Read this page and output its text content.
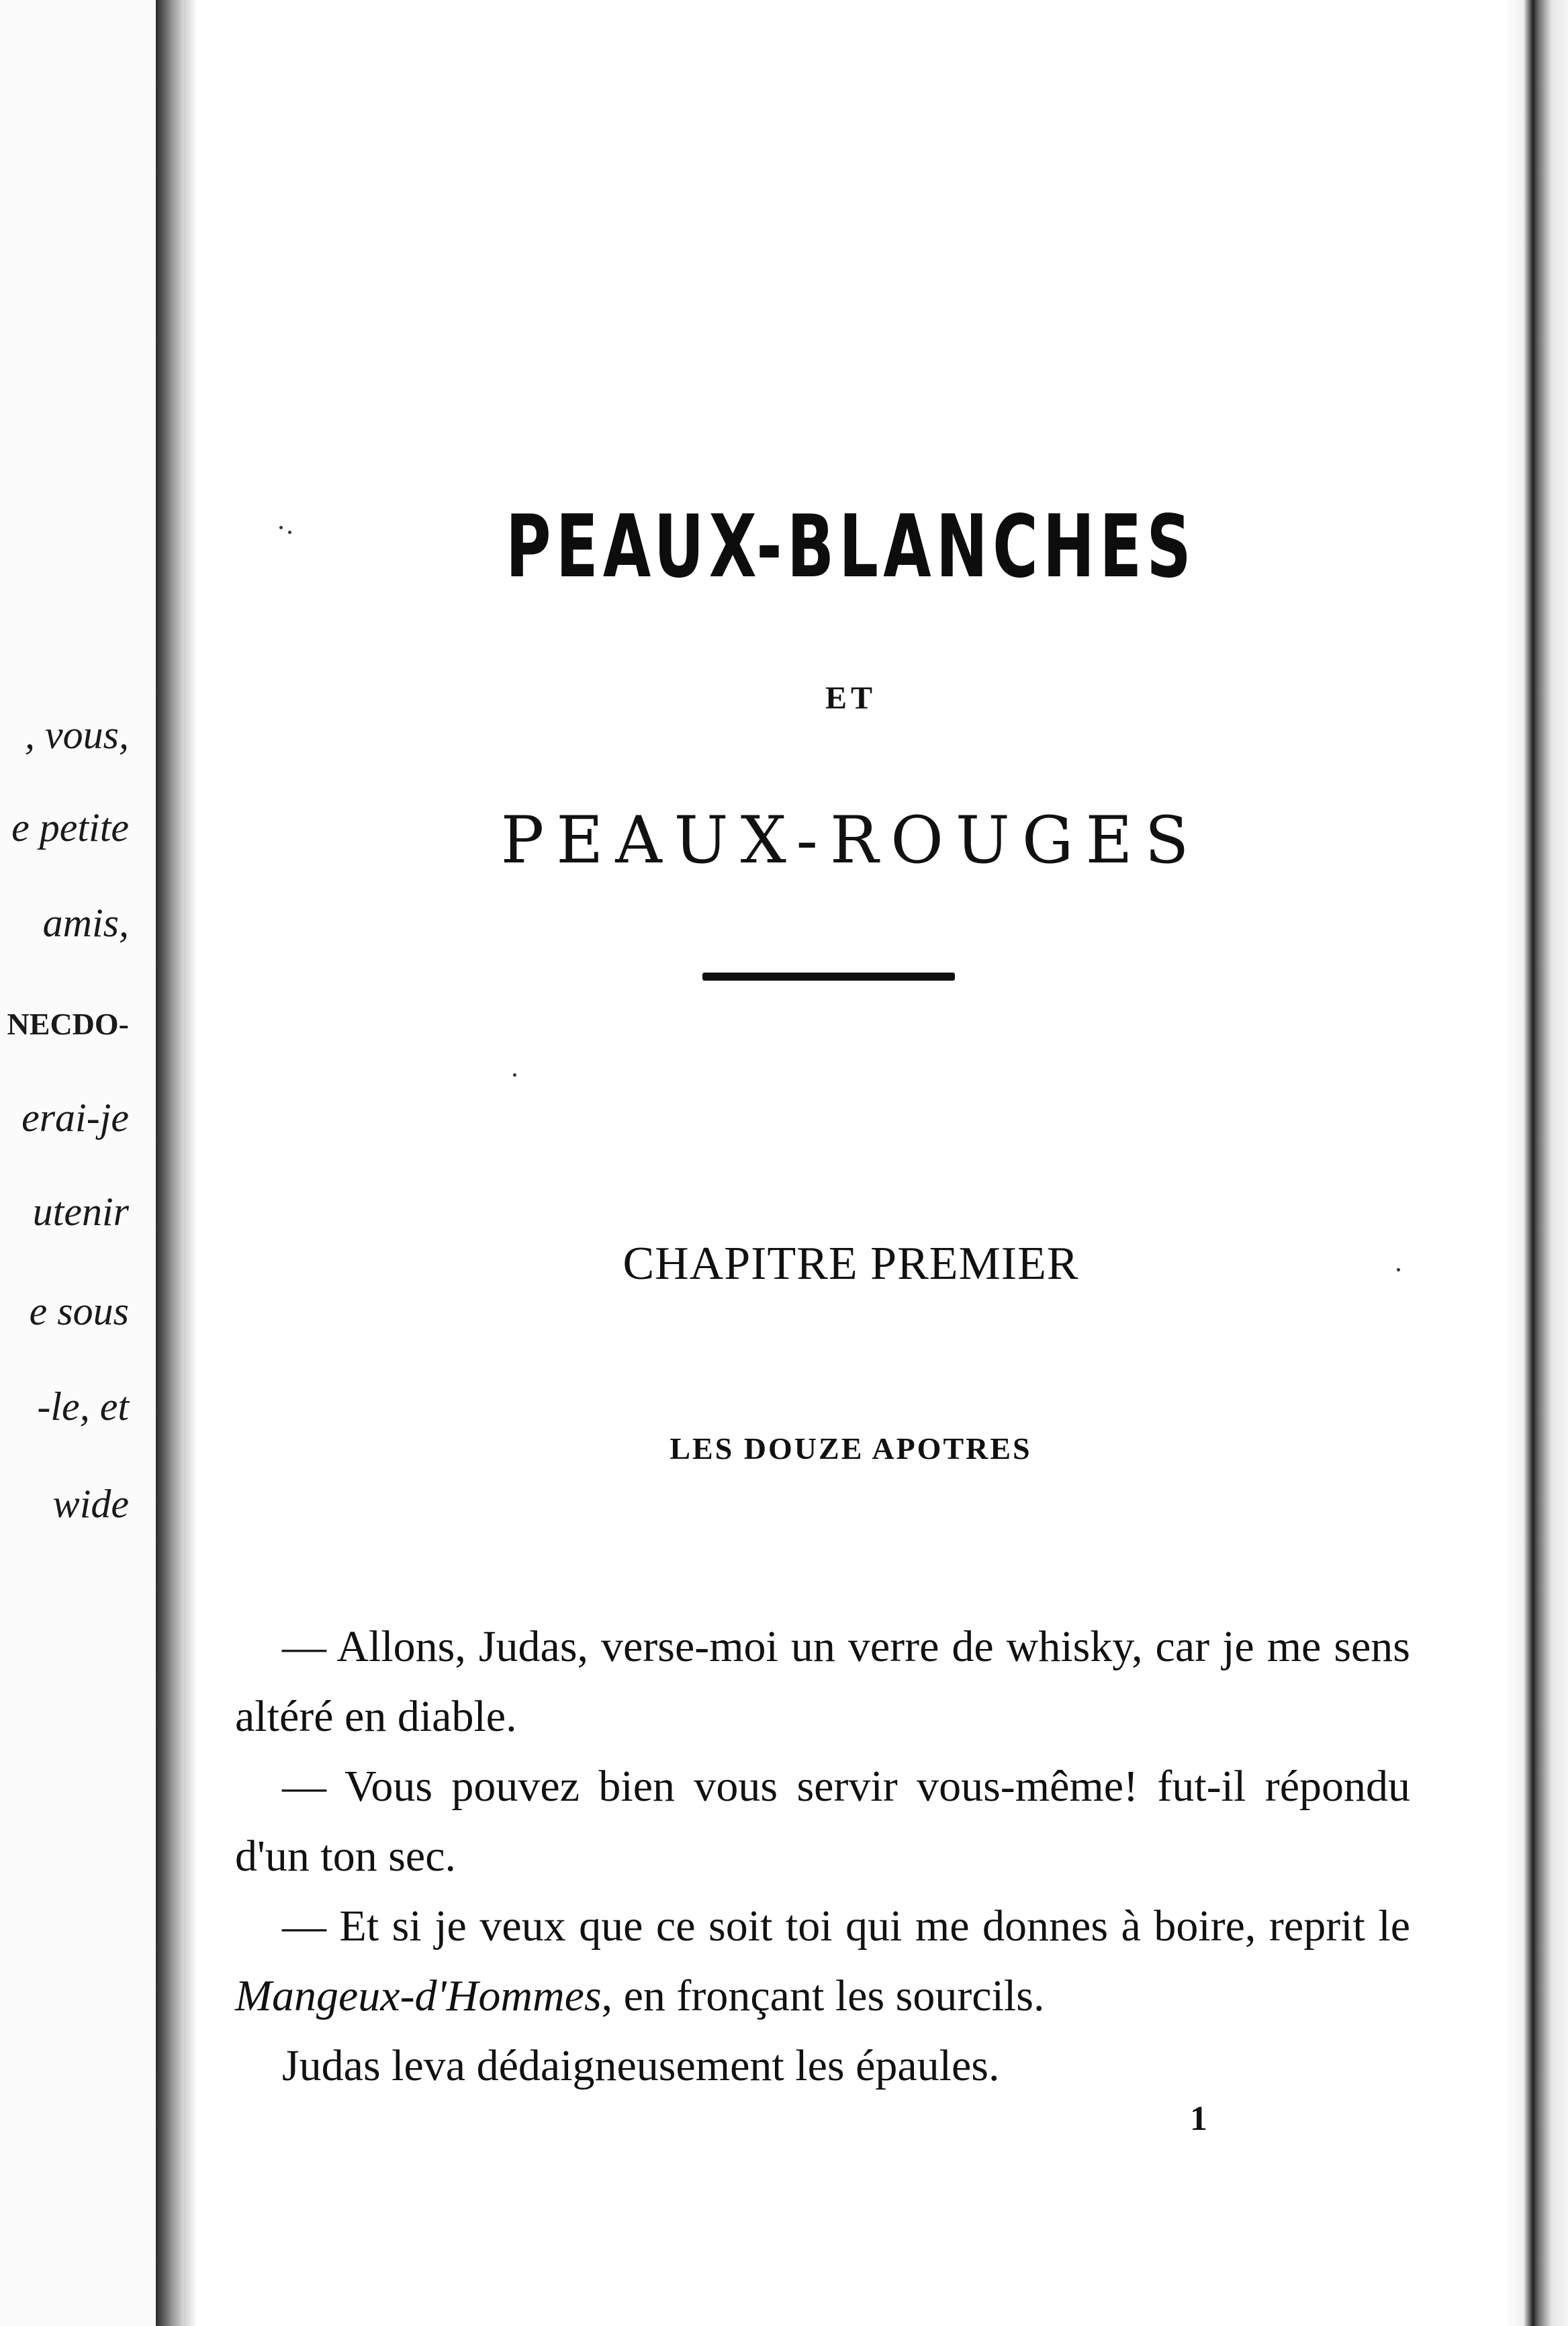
, vous,
e petite
amis,
NECDO-
erai-je
utenir
e sous
-le, et
wide
PEAUX-BLANCHES
ET
PEAUX-ROUGES
CHAPITRE PREMIER
LES DOUZE APOTRES

— Allons, Judas, verse-moi un verre de whisky, car je me sens altéré en diable.

— Vous pouvez bien vous servir vous-même! fut-il répondu d'un ton sec.

— Et si je veux que ce soit toi qui me donnes à boire, reprit le Mangeux-d'Hommes, en fronçant les sourcils.

Judas leva dédaigneusement les épaules.

1
